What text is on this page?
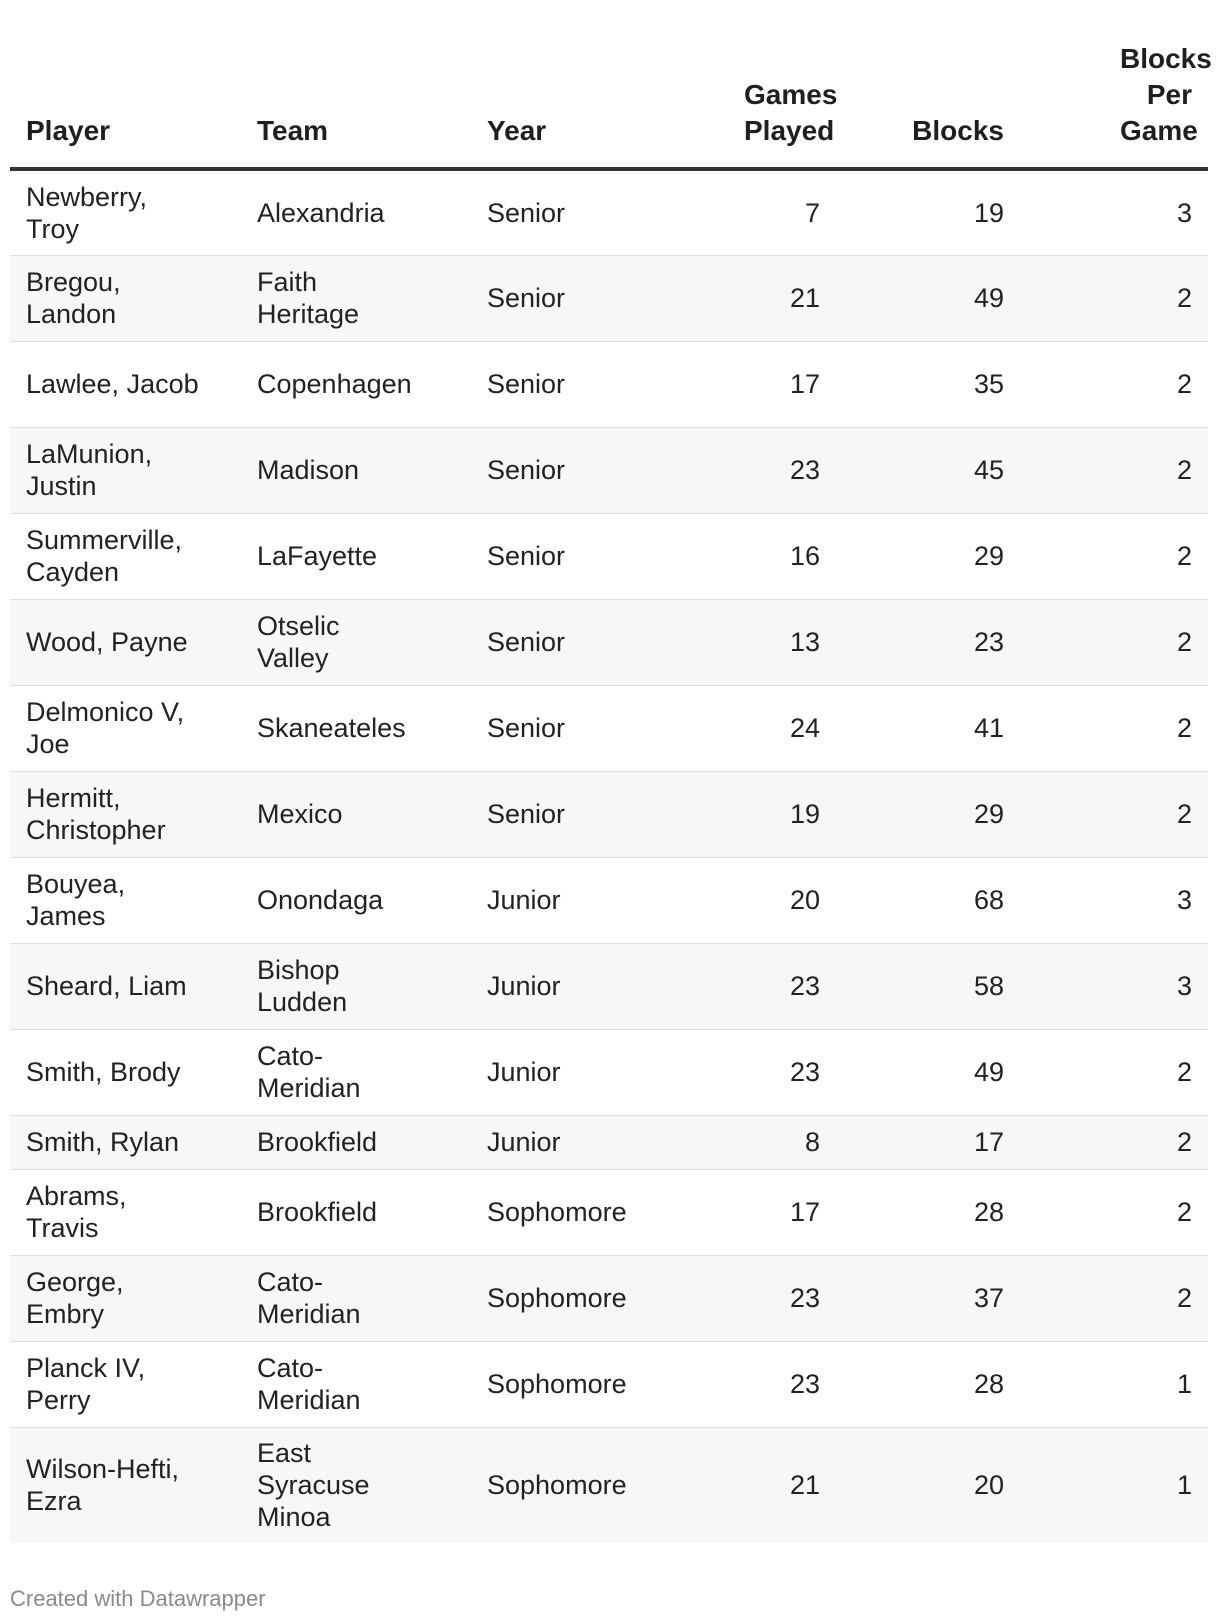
Player	Team	Year	Games Played	Blocks	Blocks Per Game
Newberry, Troy	Alexandria	Senior	7	19	3
Bregou, Landon	Faith Heritage	Senior	21	49	2
Lawlee, Jacob	Copenhagen	Senior	17	35	2
LaMunion, Justin	Madison	Senior	23	45	2
Summerville, Cayden	LaFayette	Senior	16	29	2
Wood, Payne	Otselic Valley	Senior	13	23	2
Delmonico V, Joe	Skaneateles	Senior	24	41	2
Hermitt, Christopher	Mexico	Senior	19	29	2
Bouyea, James	Onondaga	Junior	20	68	3
Sheard, Liam	Bishop Ludden	Junior	23	58	3
Smith, Brody	Cato-Meridian	Junior	23	49	2
Smith, Rylan	Brookfield	Junior	8	17	2
Abrams, Travis	Brookfield	Sophomore	17	28	2
George, Embry	Cato-Meridian	Sophomore	23	37	2
Planck IV, Perry	Cato-Meridian	Sophomore	23	28	1
Wilson-Hefti, Ezra	East Syracuse Minoa	Sophomore	21	20	1
Created with Datawrapper
